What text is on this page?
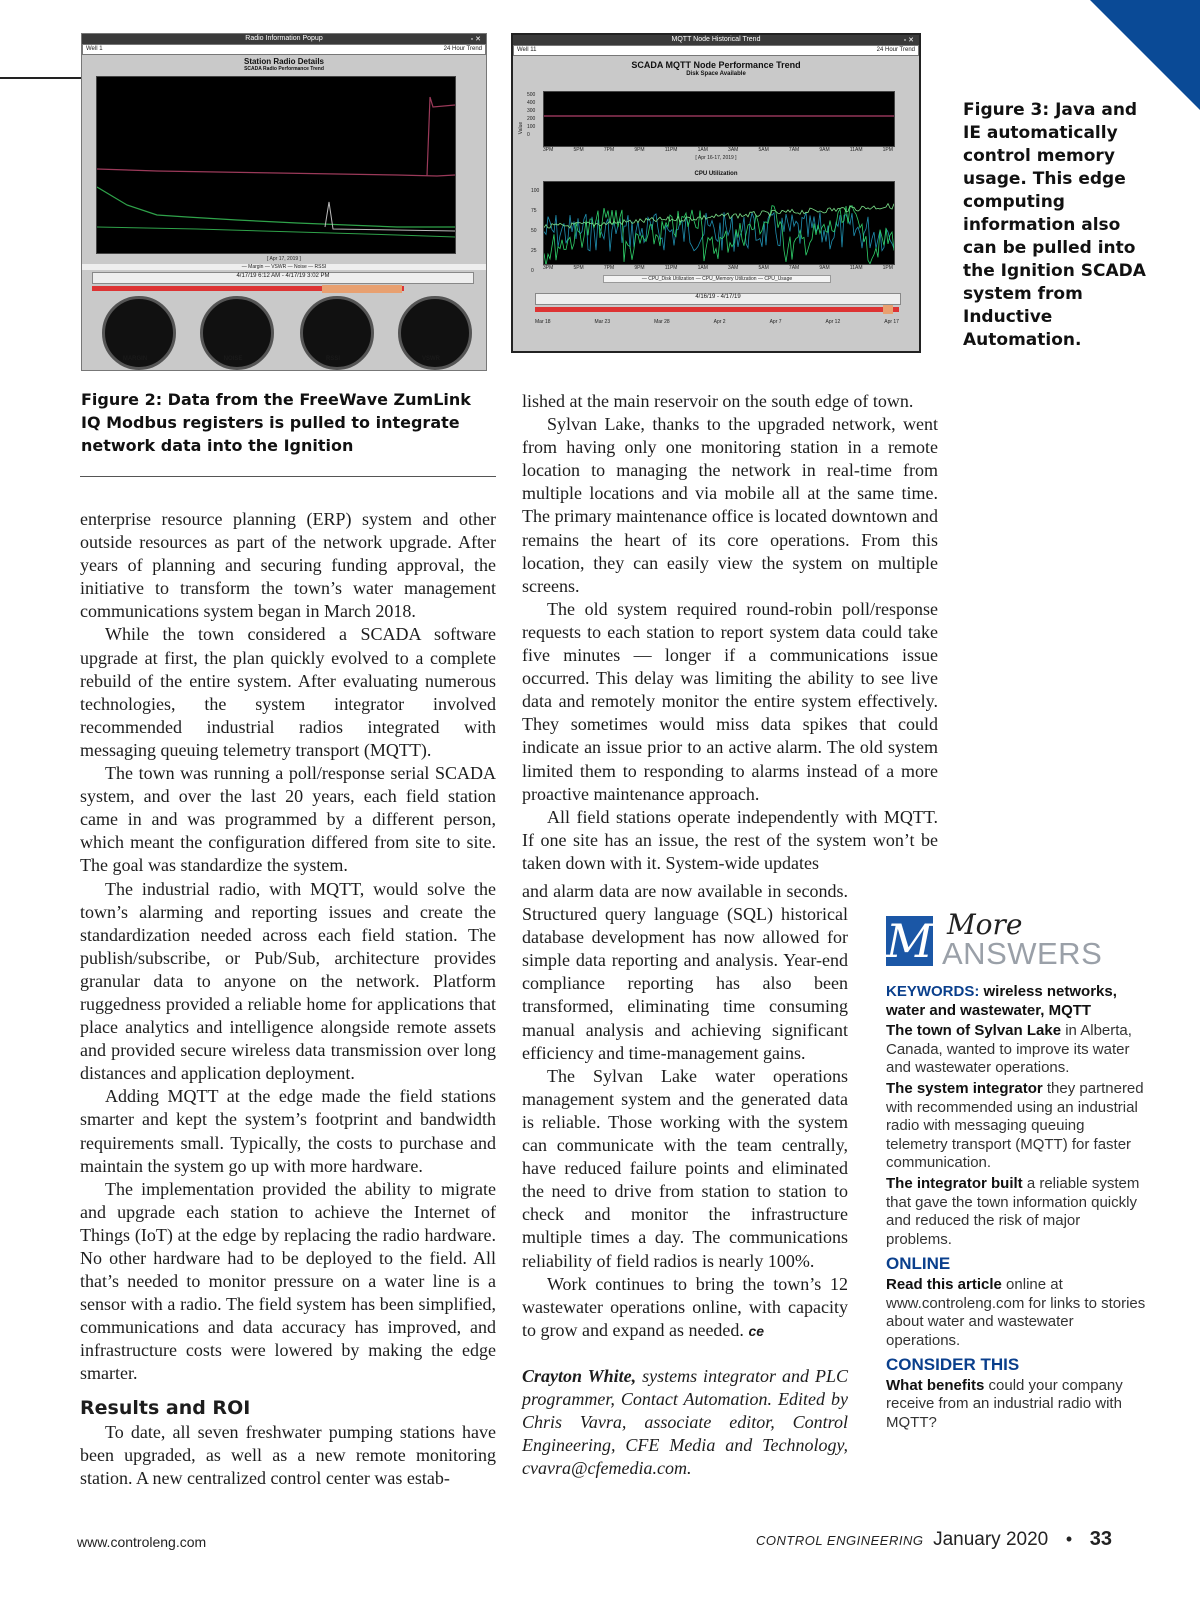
Radio Information Popup	▫✕
Well 1	24 Hour Trend
Station Radio Details
SCADA Radio Performance Trend
[ Apr 17, 2019 ]
— Margin — VSWR — Noise — RSSI
4/17/19 6:12 AM - 4/17/19 3:02 PM
MARGIN	NOISE	RSSI	VSWR
MQTT Node Historical Trend	▫✕
Well 11	24 Hour Trend
SCADA MQTT Node Performance Trend
Disk Space Available
Value
500
400
300
200
100
0
3PM	5PM	7PM	9PM	11PM	1AM	3AM	5AM	7AM	9AM	11AM	1PM
[ Apr 16-17, 2019 ]
CPU Utilization
100
75
50
25
0	3PM	5PM	7PM	9PM	11PM	1AM	3AM	5AM	7AM	9AM	11AM	1PM
— CPU_Disk Utilization — CPU_Memory Utilization — CPU_Usage
4/16/19 - 4/17/19
Mar 18	Mar 23	Mar 28	Apr 2	Apr 7	Apr 12	Apr 17
Figure 2: Data from the FreeWave ZumLink IQ Modbus registers is pulled to integrate network data into the Ignition
Figure 3: Java and IE automatically control memory usage. This edge computing information also can be pulled into the Ignition SCADA system from Inductive Automation.

enterprise resource planning (ERP) system and other outside resources as part of the network upgrade. After years of planning and securing funding approval, the initiative to transform the town’s water management communications system began in March 2018.

While the town considered a SCADA software upgrade at first, the plan quickly evolved to a complete rebuild of the entire system. After evaluating numerous technologies, the system integrator involved recommended industrial radios integrated with messaging queuing telemetry transport (MQTT).

The town was running a poll/response serial SCADA system, and over the last 20 years, each field station came in and was programmed by a different person, which meant the configuration differed from site to site. The goal was standardize the system.

The industrial radio, with MQTT, would solve the town’s alarming and reporting issues and create the standardization needed across each field station. The publish/subscribe, or Pub/Sub, architecture provides granular data to anyone on the network. Platform ruggedness provided a reliable home for applications that place analytics and intelligence alongside remote assets and provided secure wireless data transmission over long distances and application deployment.

Adding MQTT at the edge made the field stations smarter and kept the system’s footprint and bandwidth requirements small. Typically, the costs to purchase and maintain the system go up with more hardware.

The implementation provided the ability to migrate and upgrade each station to achieve the Internet of Things (IoT) at the edge by replacing the radio hardware. No other hardware had to be deployed to the field. All that’s needed to monitor pressure on a water line is a sensor with a radio. The field system has been simplified, communications and data accuracy has improved, and infrastructure costs were lowered by making the edge smarter.

Results and ROI

To date, all seven freshwater pumping stations have been upgraded, as well as a new remote monitoring station. A new centralized control center was estab-

lished at the main reservoir on the south edge of town.

Sylvan Lake, thanks to the upgraded network, went from having only one monitoring station in a remote location to managing the network in real-time from multiple locations and via mobile all at the same time. The primary maintenance office is located downtown and remains the heart of its core operations. From this location, they can easily view the system on multiple screens.

The old system required round-robin poll/response requests to each station to report system data could take five minutes — longer if a communications issue occurred. This delay was limiting the ability to see live data and remotely monitor the entire system effectively. They sometimes would miss data spikes that could indicate an issue prior to an active alarm. The old system limited them to responding to alarms instead of a more proactive maintenance approach.

All field stations operate independently with MQTT. If one site has an issue, the rest of the system won’t be taken down with it. System-wide updates

and alarm data are now available in seconds. Structured query language (SQL) historical database development has now allowed for simple data reporting and analysis. Year-end compliance reporting has also been transformed, eliminating time consuming manual analysis and achieving significant efficiency and time-management gains.

The Sylvan Lake water operations management system and the generated data is reliable. Those working with the system can communicate with the team centrally, have reduced failure points and eliminated the need to drive from station to station to check and monitor the infrastructure multiple times a day. The communications reliability of field radios is nearly 100%.

Work continues to bring the town’s 12 wastewater operations online, with capacity to grow and expand as needed. ce

Crayton White, systems integrator and PLC programmer, Contact Automation. Edited by Chris Vavra, associate editor, Control Engineering, CFE Media and Technology, cvavra@cfemedia.com.

M More
ANSWERS

KEYWORDS: wireless networks, water and wastewater, MQTT

The town of Sylvan Lake in Alberta, Canada, wanted to improve its water and wastewater operations.

The system integrator they partnered with recommended using an industrial radio with messaging queuing telemetry transport (MQTT) for faster communication.

The integrator built a reliable system that gave the town information quickly and reduced the risk of major problems.

ONLINE

Read this article online at www.controleng.com for links to stories about water and wastewater operations.

CONSIDER THIS

What benefits could your company receive from an industrial radio with MQTT?

www.controleng.com	CONTROL ENGINEERING January 2020 • 33
